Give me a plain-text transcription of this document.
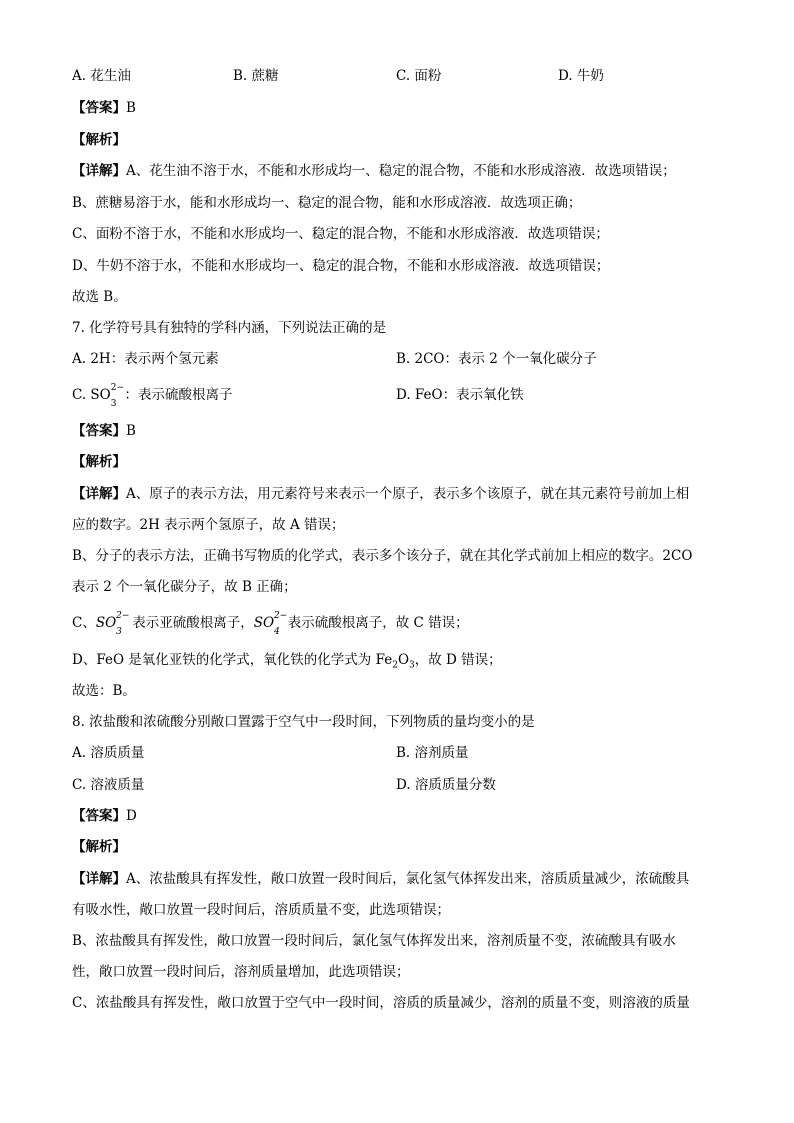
A. 花生油	B. 蔗糖	C. 面粉	D. 牛奶
【答案】B
【解析】
【详解】A、花生油不溶于水，不能和水形成均一、稳定的混合物，不能和水形成溶液．故选项错误；
B、蔗糖易溶于水，能和水形成均一、稳定的混合物，能和水形成溶液．故选项正确；
C、面粉不溶于水，不能和水形成均一、稳定的混合物，不能和水形成溶液．故选项错误；
D、牛奶不溶于水，不能和水形成均一、稳定的混合物，不能和水形成溶液．故选项错误；
故选 B。
7. 化学符号具有独特的学科内涵，下列说法正确的是
A. 2H：表示两个氢元素	B. 2CO：表示 2 个一氧化碳分子
C. SO 2−
$_3$：表示硫酸根离子	D. FeO：表示氧化铁
【答案】B
【解析】
【详解】A、原子的表示方法，用元素符号来表示一个原子，表示多个该原子，就在其元素符号前加上相
应的数字。2H 表示两个氢原子，故 A 错误；
B、分子的表示方法，正确书写物质的化学式，表示多个该分子，就在其化学式前加上相应的数字。2CO
表示 2 个一氧化碳分子，故 B 正确；
C、SO 2−
$_3$ 表示亚硫酸根离子，SO 2−
$_4$表示硫酸根离子，故 C 错误；
D、FeO 是氧化亚铁的化学式，氧化铁的化学式为 $Fe_2O_3$，故 D 错误；
故选：B。
8. 浓盐酸和浓硫酸分别敞口置露于空气中一段时间，下列物质的量均变小的是
A. 溶质质量	B. 溶剂质量
C. 溶液质量	D. 溶质质量分数
【答案】D
【解析】
【详解】A、浓盐酸具有挥发性，敞口放置一段时间后，氯化氢气体挥发出来，溶质质量减少，浓硫酸具
有吸水性，敞口放置一段时间后，溶质质量不变，此选项错误；
B、浓盐酸具有挥发性，敞口放置一段时间后，氯化氢气体挥发出来，溶剂质量不变，浓硫酸具有吸水
性，敞口放置一段时间后，溶剂质量增加，此选项错误；
C、浓盐酸具有挥发性，敞口放置于空气中一段时间，溶质的质量减少，溶剂的质量不变，则溶液的质量
